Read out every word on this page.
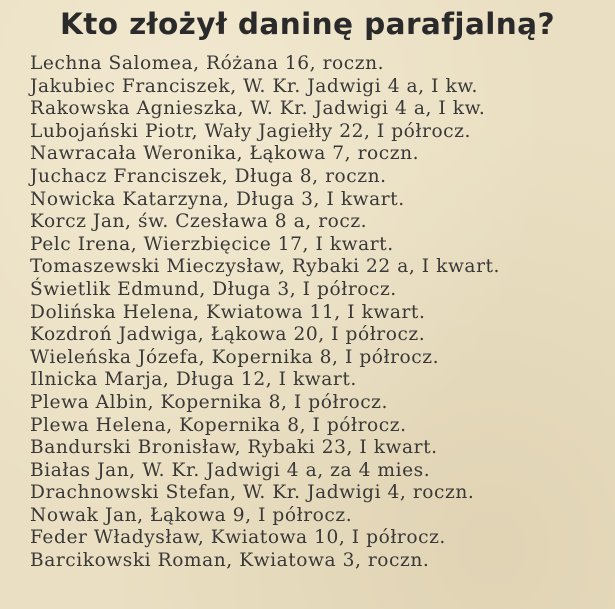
Kto złożył daninę parafjalną?
Lechna Salomea, Różana 16, roczn.
Jakubiec Franciszek, W. Kr. Jadwigi 4 a, I kw.
Rakowska Agnieszka, W. Kr. Jadwigi 4 a, I kw.
Lubojański Piotr, Wały Jagiełły 22, I półrocz.
Nawracała Weronika, Łąkowa 7, roczn.
Juchacz Franciszek, Długa 8, roczn.
Nowicka Katarzyna, Długa 3, I kwart.
Korcz Jan, św. Czesława 8 a, rocz.
Pelc Irena, Wierzbięcice 17, I kwart.
Tomaszewski Mieczysław, Rybaki 22 a, I kwart.
Świetlik Edmund, Długa 3, I półrocz.
Dolińska Helena, Kwiatowa 11, I kwart.
Kozdroń Jadwiga, Łąkowa 20, I półrocz.
Wieleńska Józefa, Kopernika 8, I półrocz.
Ilnicka Marja, Długa 12, I kwart.
Plewa Albin, Kopernika 8, I półrocz.
Plewa Helena, Kopernika 8, I półrocz.
Bandurski Bronisław, Rybaki 23, I kwart.
Białas Jan, W. Kr. Jadwigi 4 a, za 4 mies.
Drachnowski Stefan, W. Kr. Jadwigi 4, roczn.
Nowak Jan, Łąkowa 9, I półrocz.
Feder Władysław, Kwiatowa 10, I półrocz.
Barcikowski Roman, Kwiatowa 3, roczn.
